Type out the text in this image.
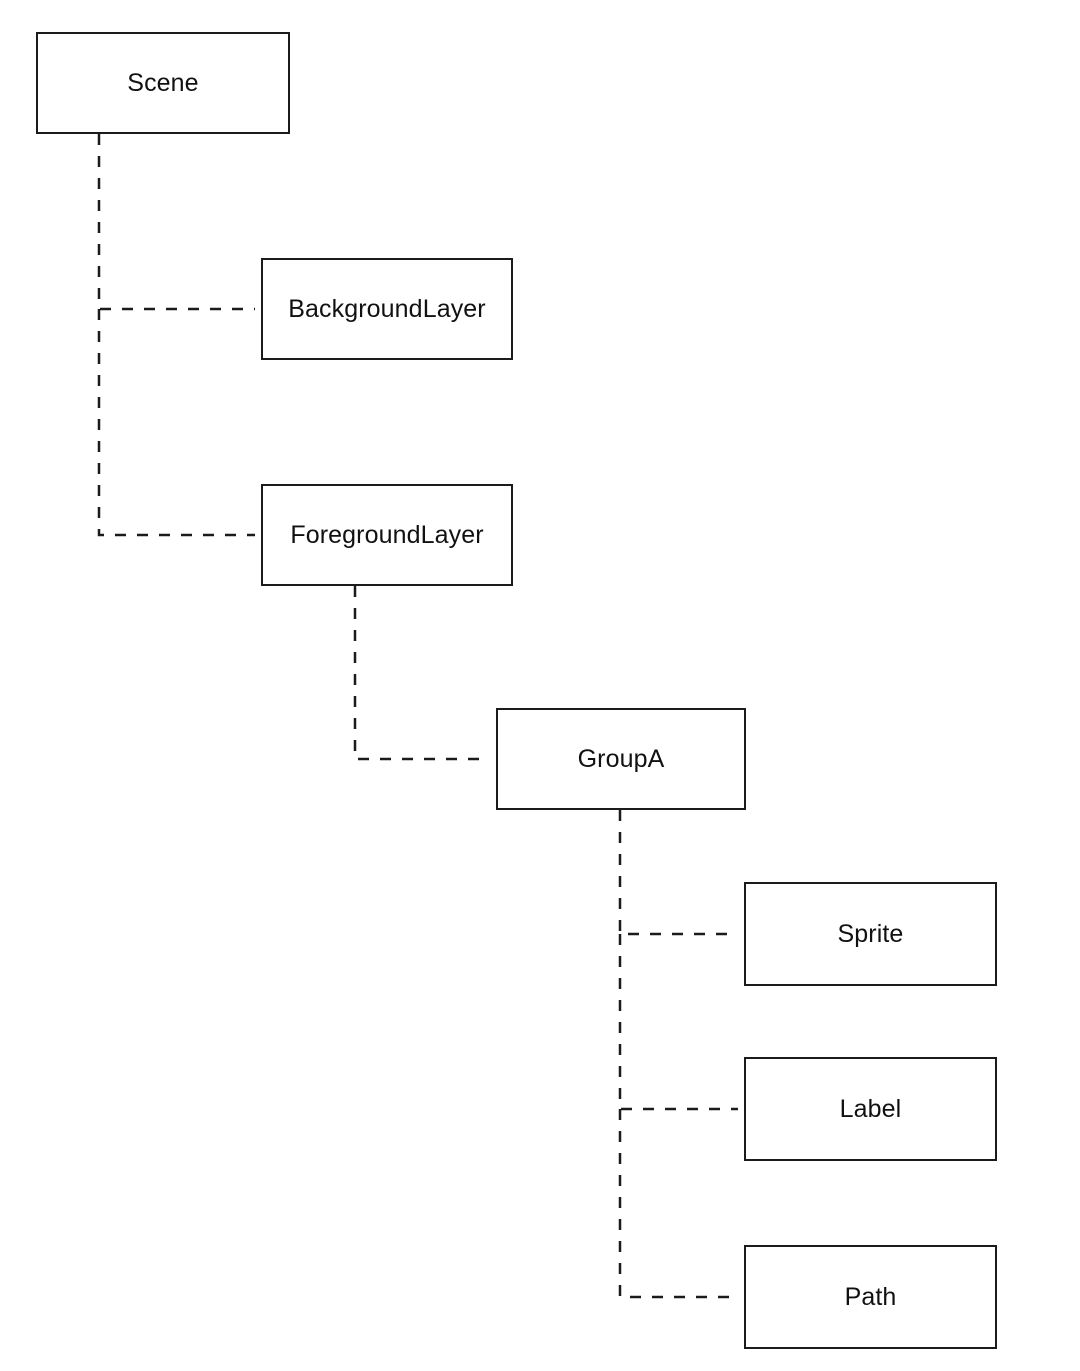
Scene
BackgroundLayer
ForegroundLayer
GroupA
Sprite
Label
Path
